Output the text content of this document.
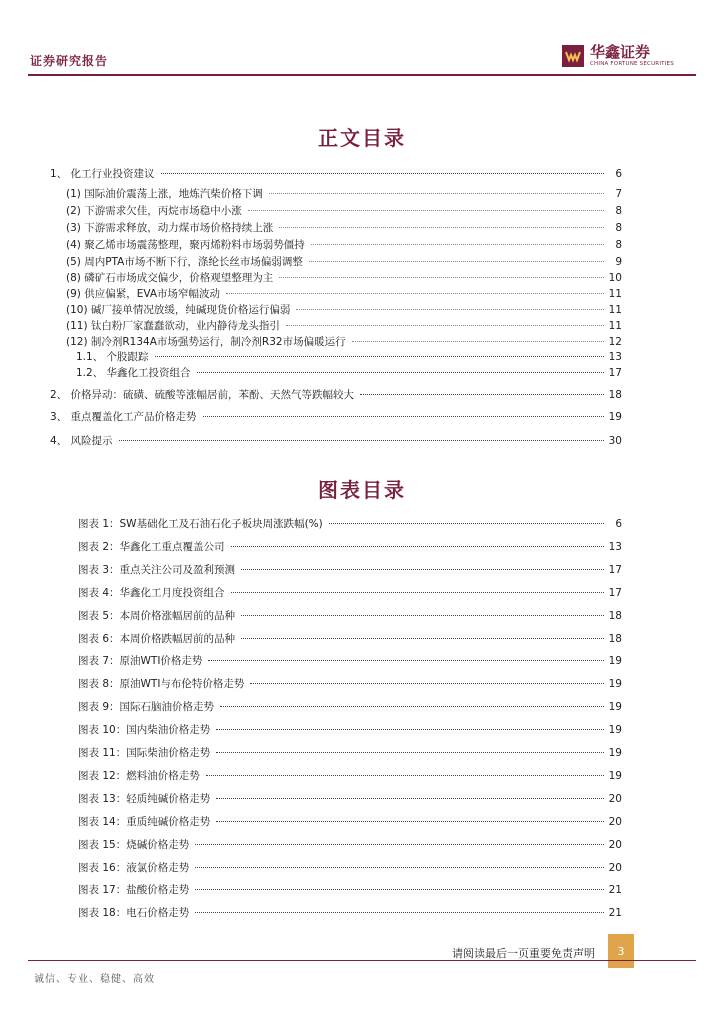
证券研究报告	华鑫证券
CHINA FORTUNE SECURITIES
正文目录
1、 化工行业投资建议	6
(1) 国际油价震荡上涨，地炼汽柴价格下调	7
(2) 下游需求欠佳，丙烷市场稳中小涨	8
(3) 下游需求释放，动力煤市场价格持续上涨	8
(4) 聚乙烯市场震荡整理，聚丙烯粉料市场弱势僵持	8
(5) 周内PTA市场不断下行，涤纶长丝市场偏弱调整	9
(8) 磷矿石市场成交偏少，价格观望整理为主	10
(9) 供应偏紧，EVA市场窄幅波动	11
(10) 碱厂接单情况放缓，纯碱现货价格运行偏弱	11
(11) 钛白粉厂家蠢蠢欲动，业内静待龙头指引	11
(12) 制冷剂R134A市场强势运行，制冷剂R32市场偏暖运行	12
1.1、 个股跟踪	13
1.2、 华鑫化工投资组合	17
2、 价格异动：硫磺、硫酸等涨幅居前，苯酚、天然气等跌幅较大	18
3、 重点覆盖化工产品价格走势	19
4、 风险提示	30
图表目录
图表 1：SW基础化工及石油石化子板块周涨跌幅(%)	6
图表 2：华鑫化工重点覆盖公司	13
图表 3：重点关注公司及盈利预测	17
图表 4：华鑫化工月度投资组合	17
图表 5：本周价格涨幅居前的品种	18
图表 6：本周价格跌幅居前的品种	18
图表 7：原油WTI价格走势	19
图表 8：原油WTI与布伦特价格走势	19
图表 9：国际石脑油价格走势	19
图表 10：国内柴油价格走势	19
图表 11：国际柴油价格走势	19
图表 12：燃料油价格走势	19
图表 13：轻质纯碱价格走势	20
图表 14：重质纯碱价格走势	20
图表 15：烧碱价格走势	20
图表 16：液氯价格走势	20
图表 17：盐酸价格走势	21
图表 18：电石价格走势	21
请阅读最后一页重要免责声明	3
诚信、专业、稳健、高效
